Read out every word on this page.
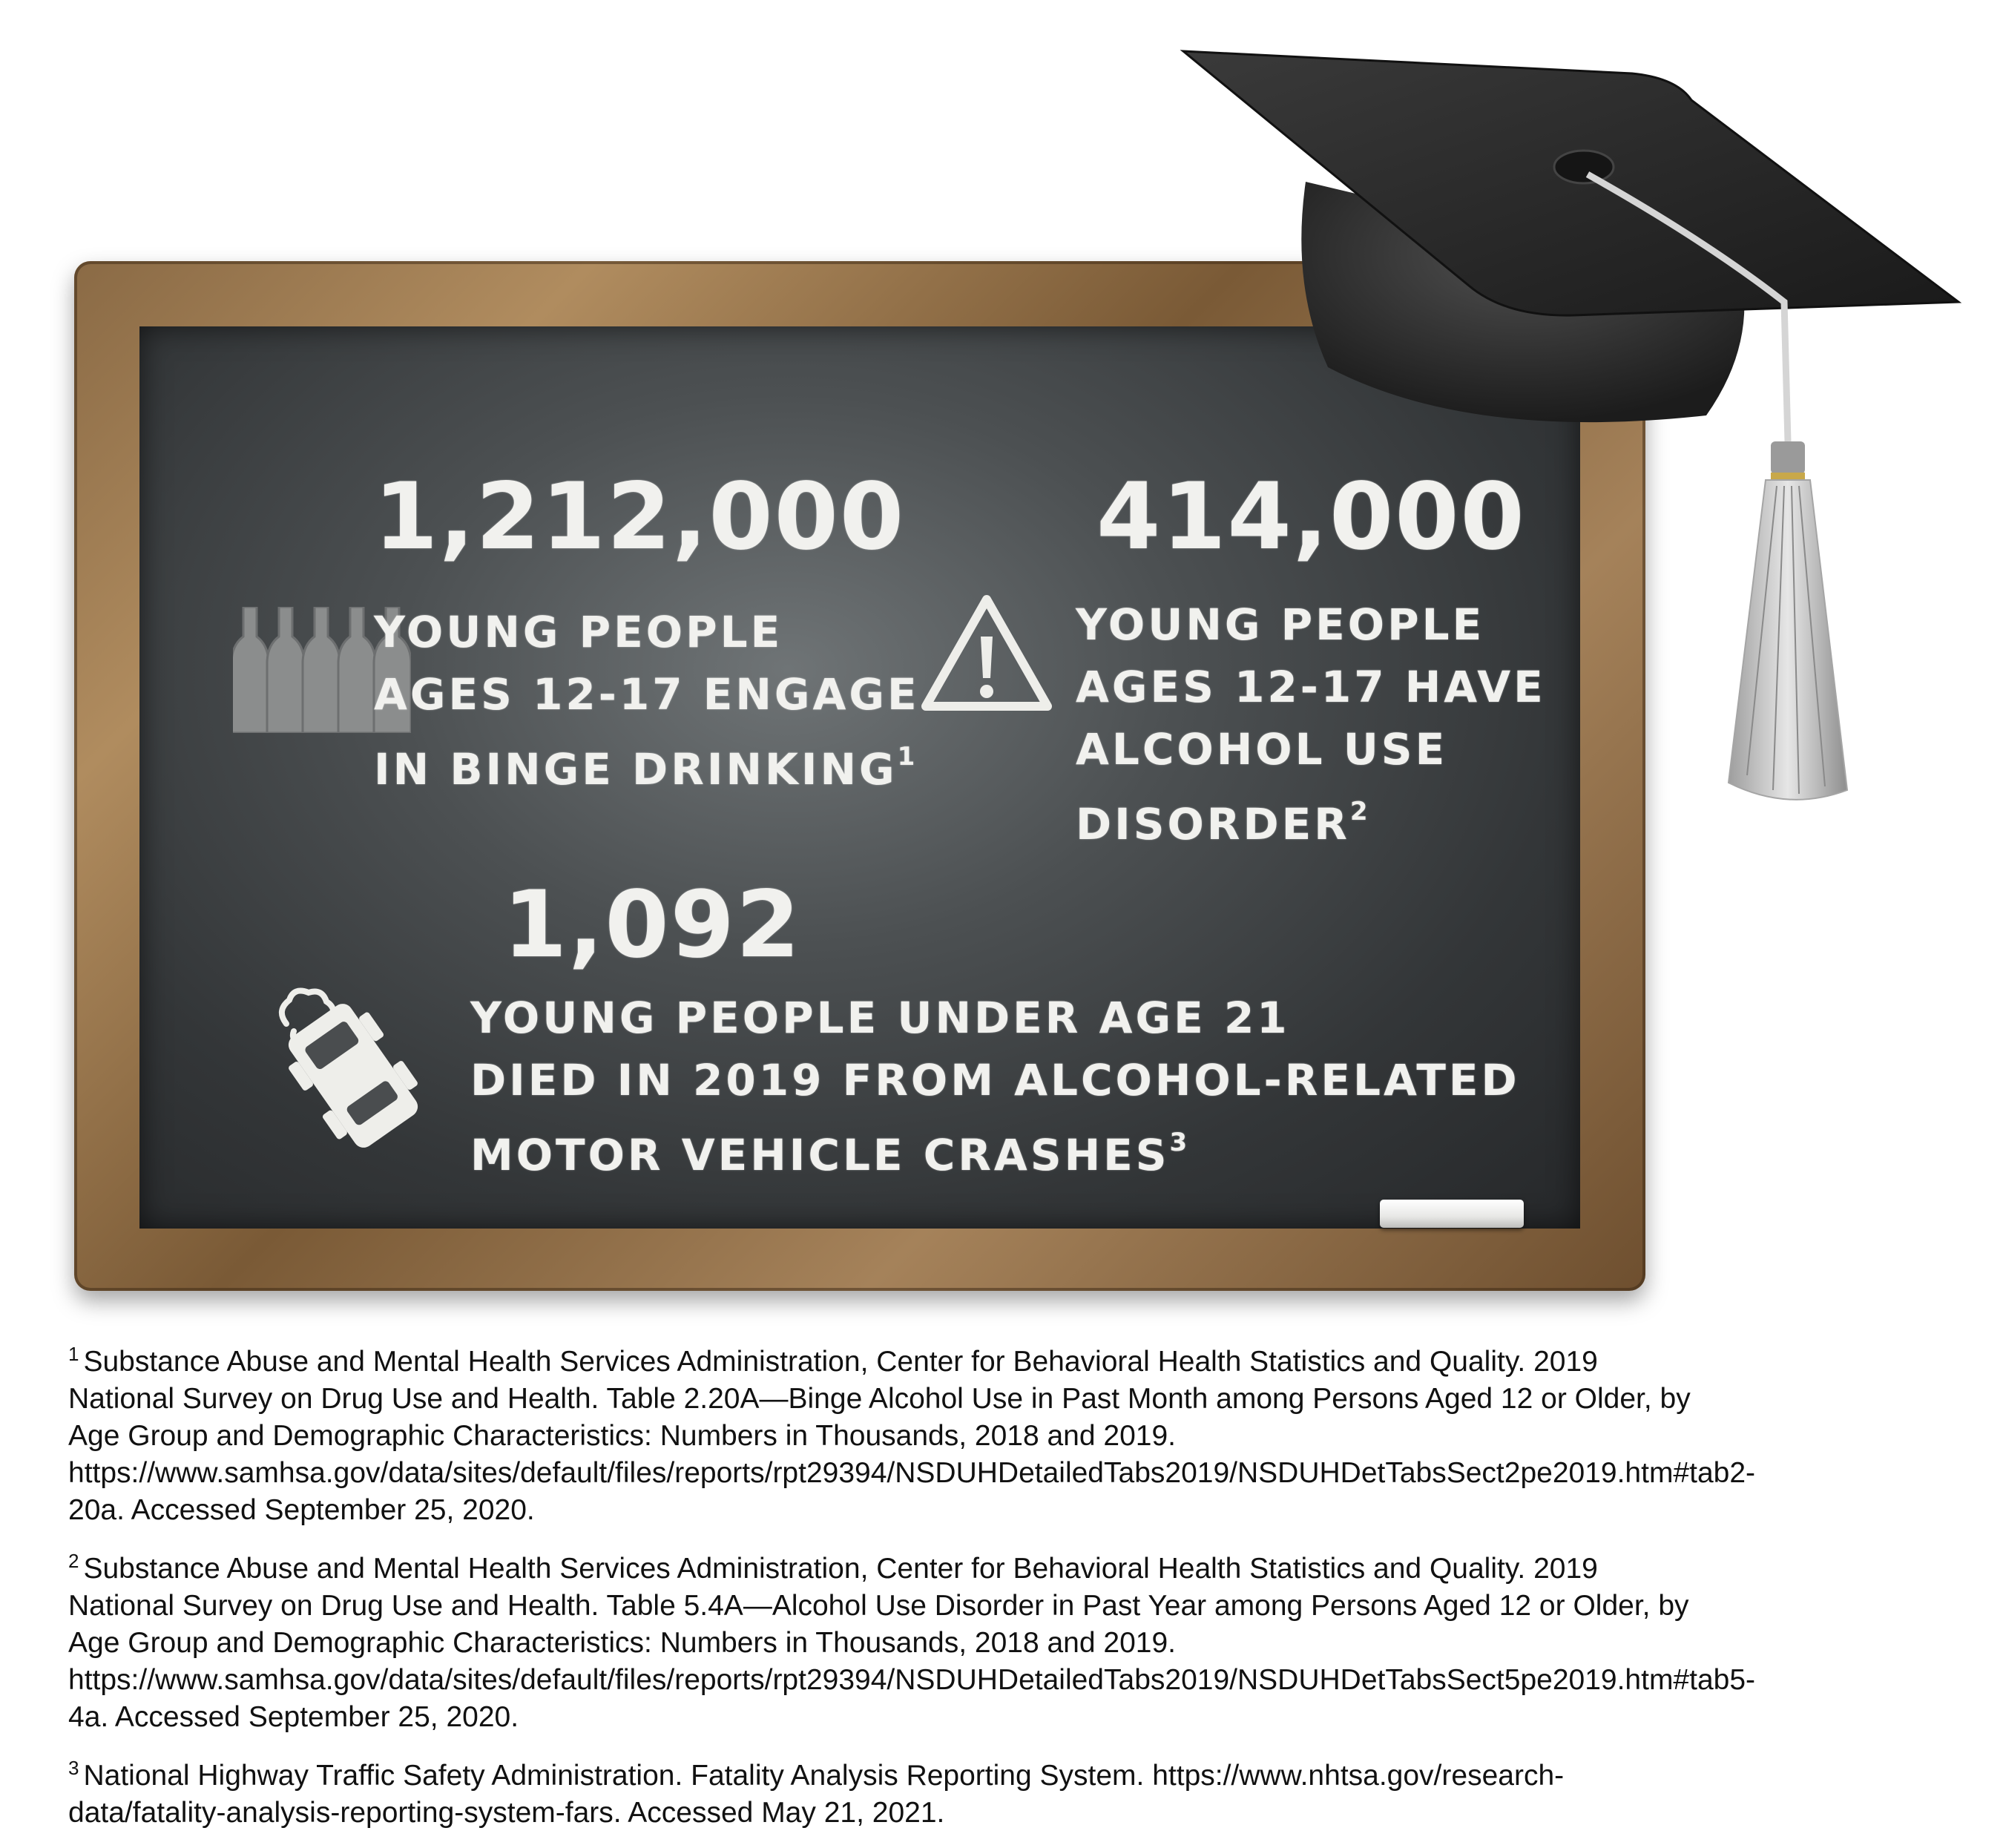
1,212,000
YOUNG PEOPLE
AGES 12-17 ENGAGE
IN BINGE DRINKING$^1$
414,000
YOUNG PEOPLE
AGES 12-17 HAVE
ALCOHOL USE
DISORDER$^2$
1,092
YOUNG PEOPLE UNDER AGE 21
DIED IN 2019 FROM ALCOHOL-RELATED
MOTOR VEHICLE CRASHES$^3$

$^1$ Substance Abuse and Mental Health Services Administration, Center for Behavioral Health Statistics and Quality. 2019 National Survey on Drug Use and Health. Table 2.20A—Binge Alcohol Use in Past Month among Persons Aged 12 or Older, by Age Group and Demographic Characteristics: Numbers in Thousands, 2018 and 2019. https://www.samhsa.gov/data/sites/default/files/reports/rpt29394/NSDUHDetailedTabs2019/NSDUHDetTabsSect2pe2019.htm#tab2-20a. Accessed September 25, 2020.

$^2$ Substance Abuse and Mental Health Services Administration, Center for Behavioral Health Statistics and Quality. 2019 National Survey on Drug Use and Health. Table 5.4A—Alcohol Use Disorder in Past Year among Persons Aged 12 or Older, by Age Group and Demographic Characteristics: Numbers in Thousands, 2018 and 2019. https://www.samhsa.gov/data/sites/default/files/reports/rpt29394/NSDUHDetailedTabs2019/NSDUHDetTabsSect5pe2019.htm#tab5-4a. Accessed September 25, 2020.

$^3$ National Highway Traffic Safety Administration. Fatality Analysis Reporting System. https://www.nhtsa.gov/research-data/fatality-analysis-reporting-system-fars. Accessed May 21, 2021.
